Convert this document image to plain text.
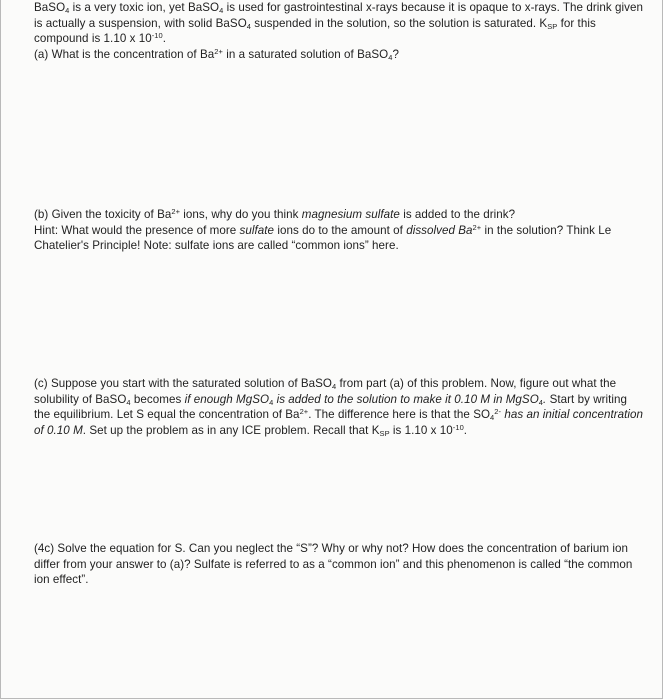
BaSO$_4$ is a very toxic ion, yet BaSO$_4$ is used for gastrointestinal x-rays because it is opaque to x-rays. The drink given is actually a suspension, with solid BaSO$_4$ suspended in the solution, so the solution is saturated. $K_{SP}$ for this compound is 1.10 x $10^{-10}$.
(a) What is the concentration of $Ba^{2+}$ in a saturated solution of BaSO$_4$?
(b) Given the toxicity of $Ba^{2+}$ ions, why do you think magnesium sulfate is added to the drink?
Hint: What would the presence of more sulfate ions do to the amount of dissolved $Ba^{2+}$ in the solution? Think Le Chatelier's Principle! Note: sulfate ions are called “common ions” here.
(c) Suppose you start with the saturated solution of BaSO$_4$ from part (a) of this problem. Now, figure out what the solubility of BaSO$_4$ becomes if enough MgSO$_4$ is added to the solution to make it 0.10 M in MgSO$_4$. Start by writing the equilibrium. Let S equal the concentration of $Ba^{2+}$. The difference here is that the $SO_4^{2-}$ has an initial concentration of 0.10 M. Set up the problem as in any ICE problem. Recall that $K_{SP}$ is 1.10 x $10^{-10}$.
(4c) Solve the equation for S. Can you neglect the “S”? Why or why not? How does the concentration of barium ion differ from your answer to (a)? Sulfate is referred to as a “common ion” and this phenomenon is called “the common ion effect”.
